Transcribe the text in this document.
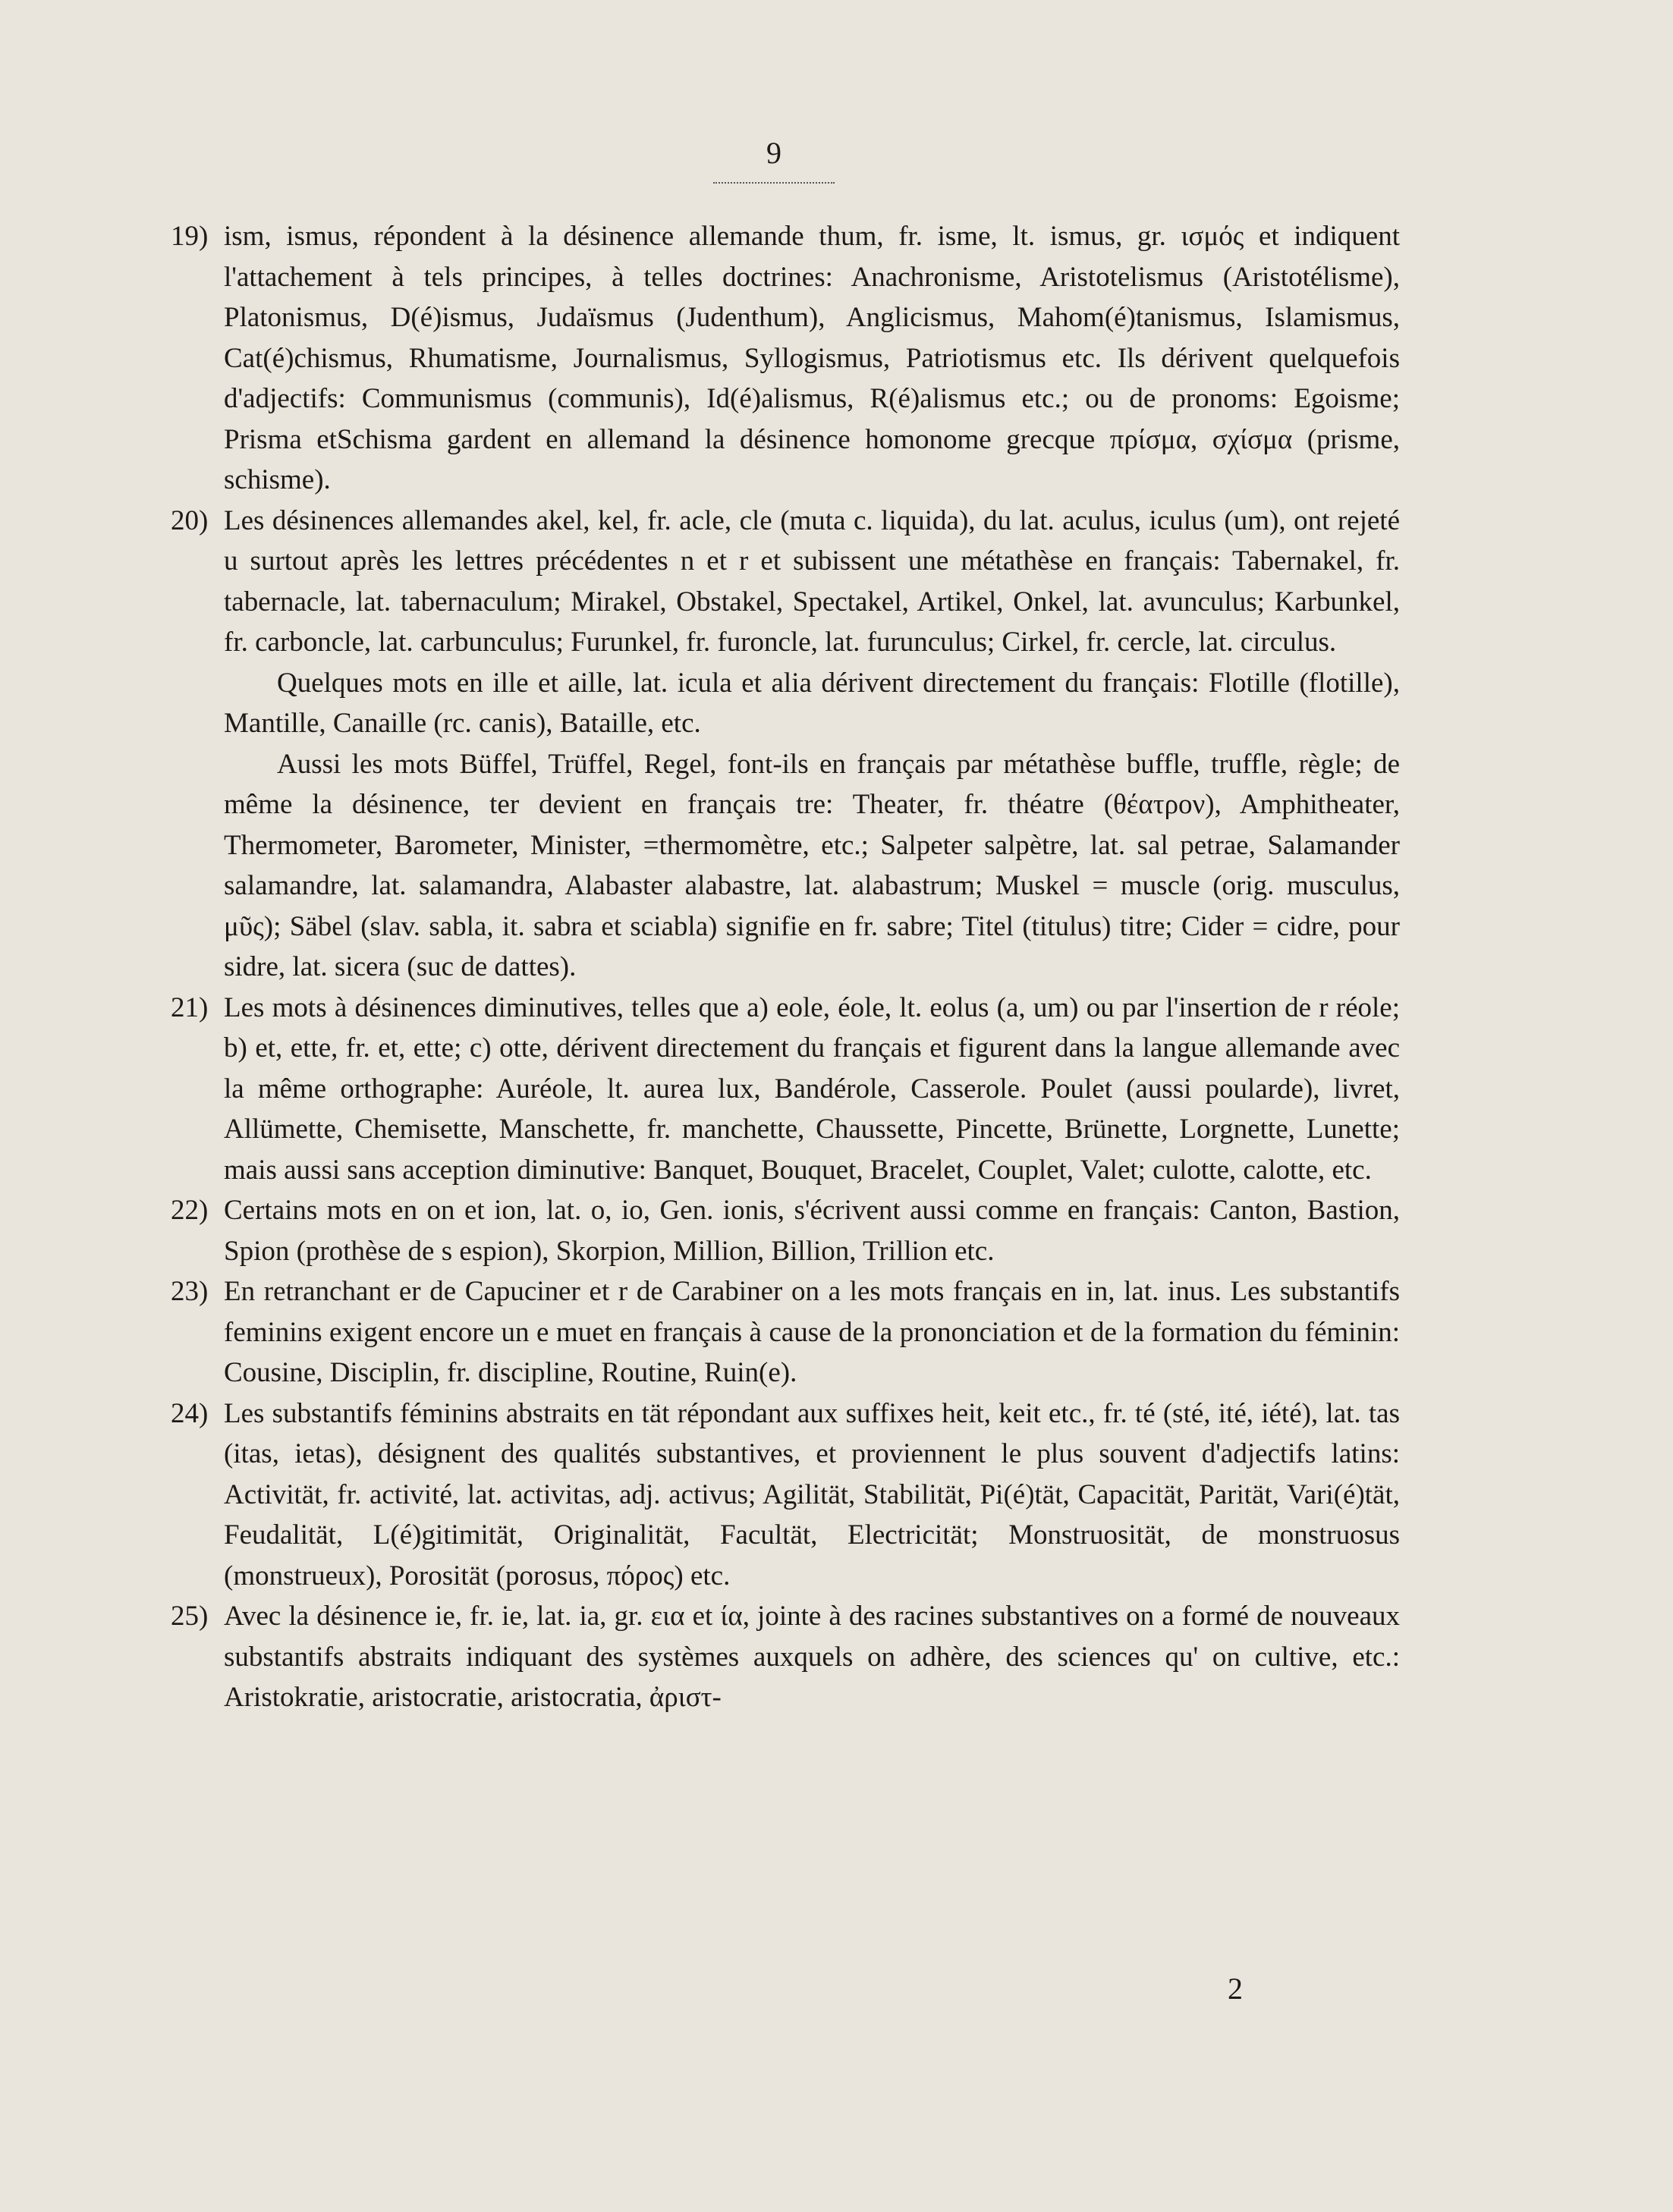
9
19) ism, ismus, répondent à la désinence allemande thum, fr. isme, lt. ismus, gr. ισμός et indiquent l'attachement à tels principes, à telles doctrines: Anachronisme, Aristotelismus (Aristotélisme), Platonismus, D(é)ismus, Judaïsmus (Judenthum), Anglicismus, Mahom(é)tanismus, Islamismus, Cat(é)chismus, Rhumatisme, Journalismus, Syllogismus, Patriotismus etc. Ils dérivent quelquefois d'adjectifs: Communismus (communis), Id(é)alismus, R(é)alismus etc.; ou de pronoms: Egoisme; Prisma etSchisma gardent en allemand la désinence homonome grecque πρίσμα, σχίσμα (prisme, schisme).
20) Les désinences allemandes akel, kel, fr. acle, cle (muta c. liquida), du lat. aculus, iculus (um), ont rejeté u surtout après les lettres précédentes n et r et subissent une métathèse en français: Tabernakel, fr. tabernacle, lat. tabernaculum; Mirakel, Obstakel, Spectakel, Artikel, Onkel, lat. avunculus; Karbunkel, fr. carboncle, lat. carbunculus; Furunkel, fr. furoncle, lat. furunculus; Cirkel, fr. cercle, lat. circulus.

Quelques mots en ille et aille, lat. icula et alia dérivent directement du français: Flotille (flotille), Mantille, Canaille (rc. canis), Bataille, etc.

Aussi les mots Büffel, Trüffel, Regel, font-ils en français par métathèse buffle, truffle, règle; de même la désinence, ter devient en français tre: Theater, fr. théatre (θέατρον), Amphitheater, Thermometer, Barometer, Minister, =thermomètre, etc.; Salpeter salpètre, lat. sal petrae, Salamander salamandre, lat. salamandra, Alabaster alabastre, lat. alabastrum; Muskel = muscle (orig. musculus, μῦς); Säbel (slav. sabla, it. sabra et sciabla) signifie en fr. sabre; Titel (titulus) titre; Cider = cidre, pour sidre, lat. sicera (suc de dattes).

21) Les mots à désinences diminutives, telles que a) eole, éole, lt. eolus (a, um) ou par l'insertion de r réole; b) et, ette, fr. et, ette; c) otte, dérivent directement du français et figurent dans la langue allemande avec la même orthographe: Auréole, lt. aurea lux, Bandérole, Casserole. Poulet (aussi poularde), livret, Allümette, Chemisette, Manschette, fr. manchette, Chaussette, Pincette, Brünette, Lorgnette, Lunette; mais aussi sans acception diminutive: Banquet, Bouquet, Bracelet, Couplet, Valet; culotte, calotte, etc.
22) Certains mots en on et ion, lat. o, io, Gen. ionis, s'écrivent aussi comme en français: Canton, Bastion, Spion (prothèse de s espion), Skorpion, Million, Billion, Trillion etc.
23) En retranchant er de Capuciner et r de Carabiner on a les mots français en in, lat. inus. Les substantifs feminins exigent encore un e muet en français à cause de la prononciation et de la formation du féminin: Cousine, Disciplin, fr. discipline, Routine, Ruin(e).
24) Les substantifs féminins abstraits en tät répondant aux suffixes heit, keit etc., fr. té (sté, ité, iété), lat. tas (itas, ietas), désignent des qualités substantives, et proviennent le plus souvent d'adjectifs latins: Activität, fr. activité, lat. activitas, adj. activus; Agilität, Stabilität, Pi(é)tät, Capacität, Parität, Vari(é)tät, Feudalität, L(é)gitimität, Originalität, Facultät, Electricität; Monstruosität, de monstruosus (monstrueux), Porosität (porosus, πόρος) etc.
25) Avec la désinence ie, fr. ie, lat. ia, gr. εια et ία, jointe à des racines substantives on a formé de nouveaux substantifs abstraits indiquant des systèmes auxquels on adhère, des sciences qu' on cultive, etc.: Aristokratie, aristocratie, aristocratia, ἀριστ-
2
